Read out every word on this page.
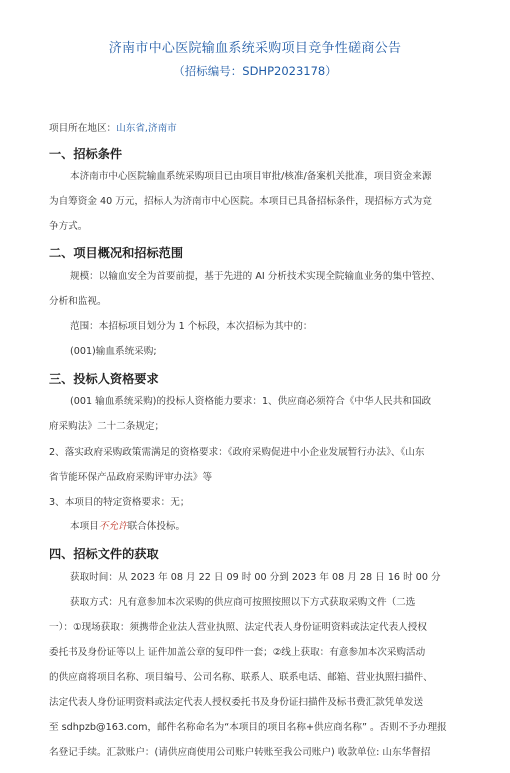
济南市中心医院输血系统采购项目竞争性磋商公告
（招标编号：SDHP2023178）
项目所在地区：山东省,济南市
一、招标条件
本济南市中心医院输血系统采购项目已由项目审批/核准/备案机关批准，项目资金来源
为自筹资金 40 万元，招标人为济南市中心医院。本项目已具备招标条件，现招标方式为竞
争方式。
二、项目概况和招标范围
规模：以输血安全为首要前提，基于先进的 AI 分析技术实现全院输血业务的集中管控、
分析和监视。
范围：本招标项目划分为 1 个标段，本次招标为其中的：
(001)输血系统采购;
三、投标人资格要求
(001 输血系统采购)的投标人资格能力要求：1、供应商必须符合《中华人民共和国政
府采购法》二十二条规定；
2、落实政府采购政策需满足的资格要求：《政府采购促进中小企业发展暂行办法》、《山东
省节能环保产品政府采购评审办法》等
3、本项目的特定资格要求：无；
本项目不允许联合体投标。
四、招标文件的获取
获取时间：从 2023 年 08 月 22 日 09 时 00 分到 2023 年 08 月 28 日 16 时 00 分
获取方式：凡有意参加本次采购的供应商可按照按照以下方式获取采购文件（二选
一）：①现场获取：须携带企业法人营业执照、法定代表人身份证明资料或法定代表人授权
委托书及身份证等以上 证件加盖公章的复印件一套；②线上获取：有意参加本次采购活动
的供应商将项目名称、项目编号、公司名称、联系人、联系电话、邮箱、营业执照扫描件、
法定代表人身份证明资料或法定代表人授权委托书及身份证扫描件及标书费汇款凭单发送
至 sdhpzb@163.com，邮件名称命名为“本项目的项目名称+供应商名称” 。否则不予办理报
名登记手续。汇款账户：(请供应商使用公司账户转账至我公司账户) 收款单位: 山东华督招
